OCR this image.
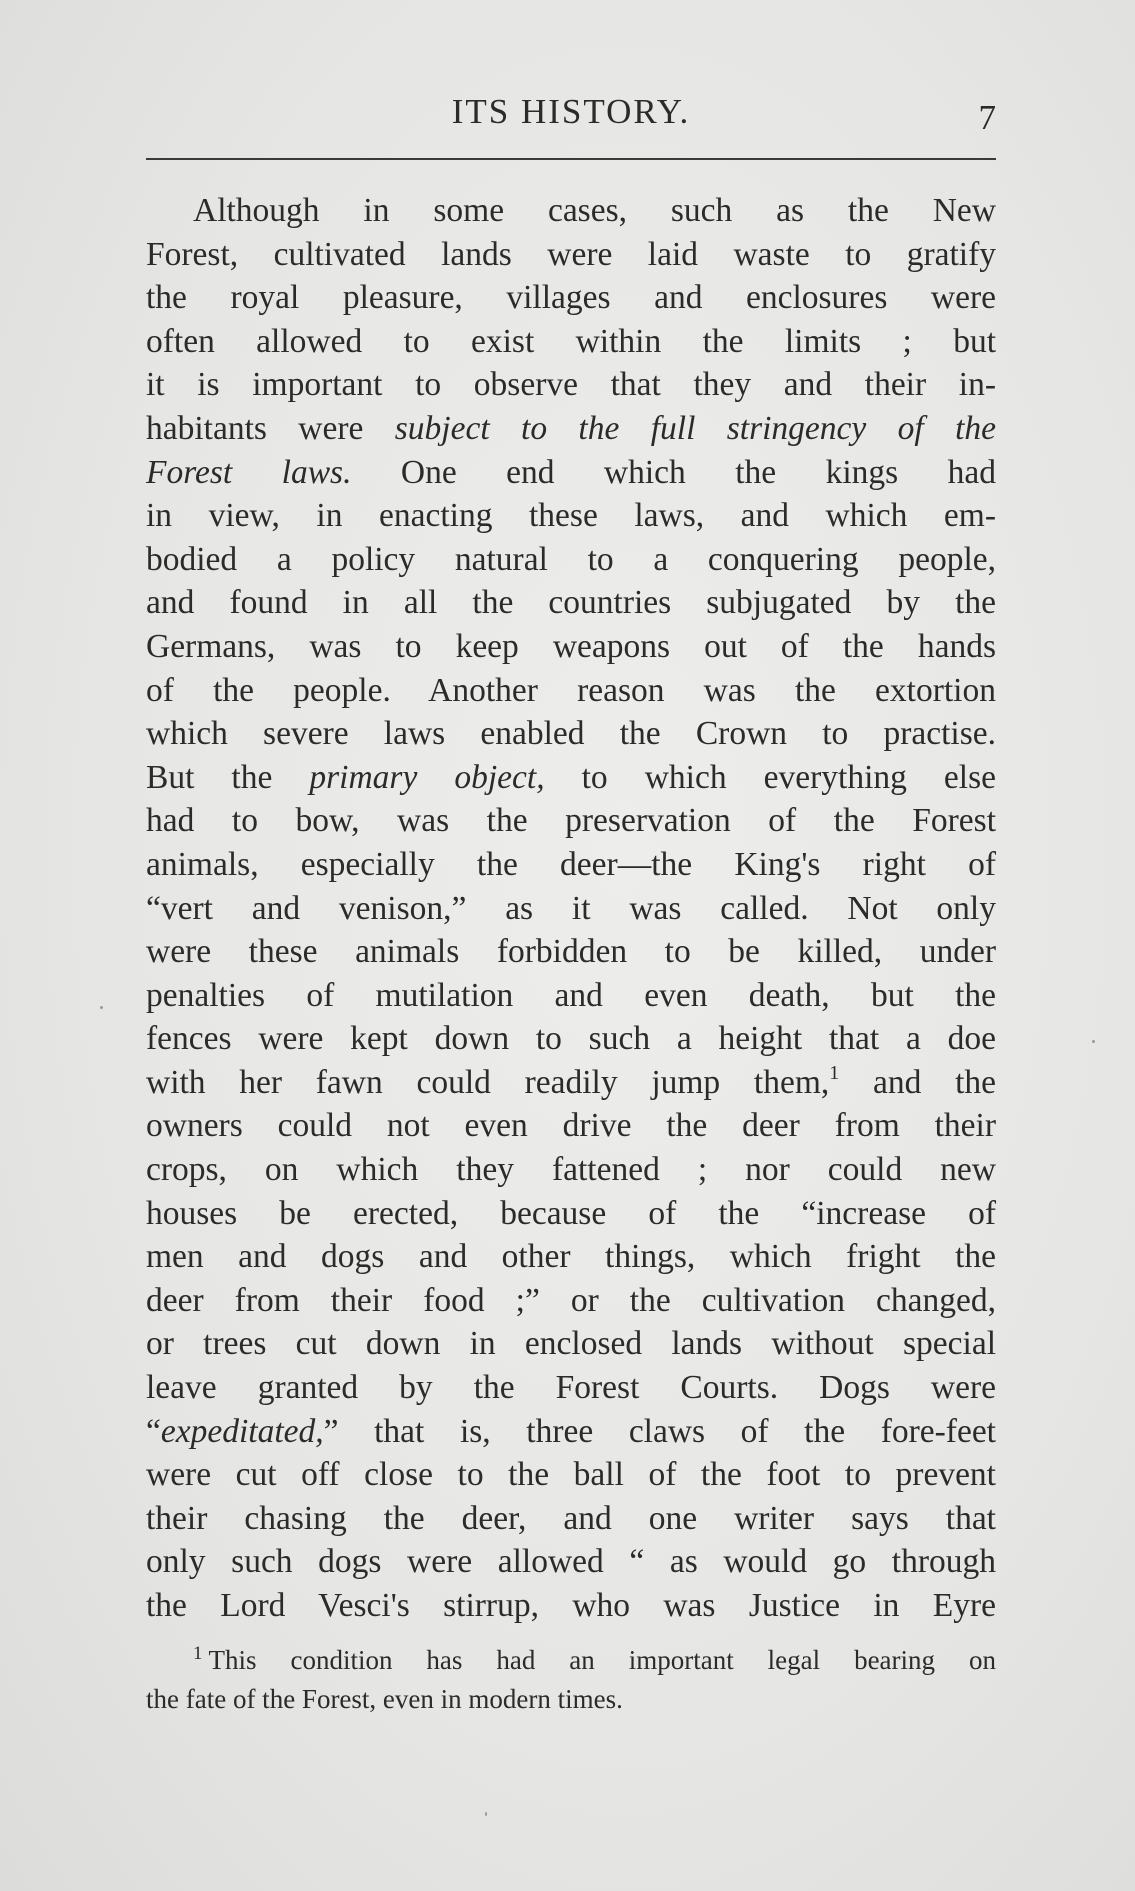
ITS HISTORY.	7
Although in some cases, such as the New
Forest, cultivated lands were laid waste to gratify
the royal pleasure, villages and enclosures were
often allowed to exist within the limits ; but
it is important to observe that they and their in-
habitants were subject to the full stringency of the
Forest laws. One end which the kings had
in view, in enacting these laws, and which em-
bodied a policy natural to a conquering people,
and found in all the countries subjugated by the
Germans, was to keep weapons out of the hands
of the people. Another reason was the extortion
which severe laws enabled the Crown to practise.
But the primary object, to which everything else
had to bow, was the preservation of the Forest
animals, especially the deer—the King's right of
“vert and venison,” as it was called. Not only
were these animals forbidden to be killed, under
penalties of mutilation and even death, but the
fences were kept down to such a height that a doe
with her fawn could readily jump them,$^1$ and the
owners could not even drive the deer from their
crops, on which they fattened ; nor could new
houses be erected, because of the “increase of
men and dogs and other things, which fright the
deer from their food ;” or the cultivation changed,
or trees cut down in enclosed lands without special
leave granted by the Forest Courts. Dogs were
“expeditated,” that is, three claws of the fore-feet
were cut off close to the ball of the foot to prevent
their chasing the deer, and one writer says that
only such dogs were allowed “ as would go through
the Lord Vesci's stirrup, who was Justice in Eyre
$^1$ This condition has had an important legal bearing on
the fate of the Forest, even in modern times.
